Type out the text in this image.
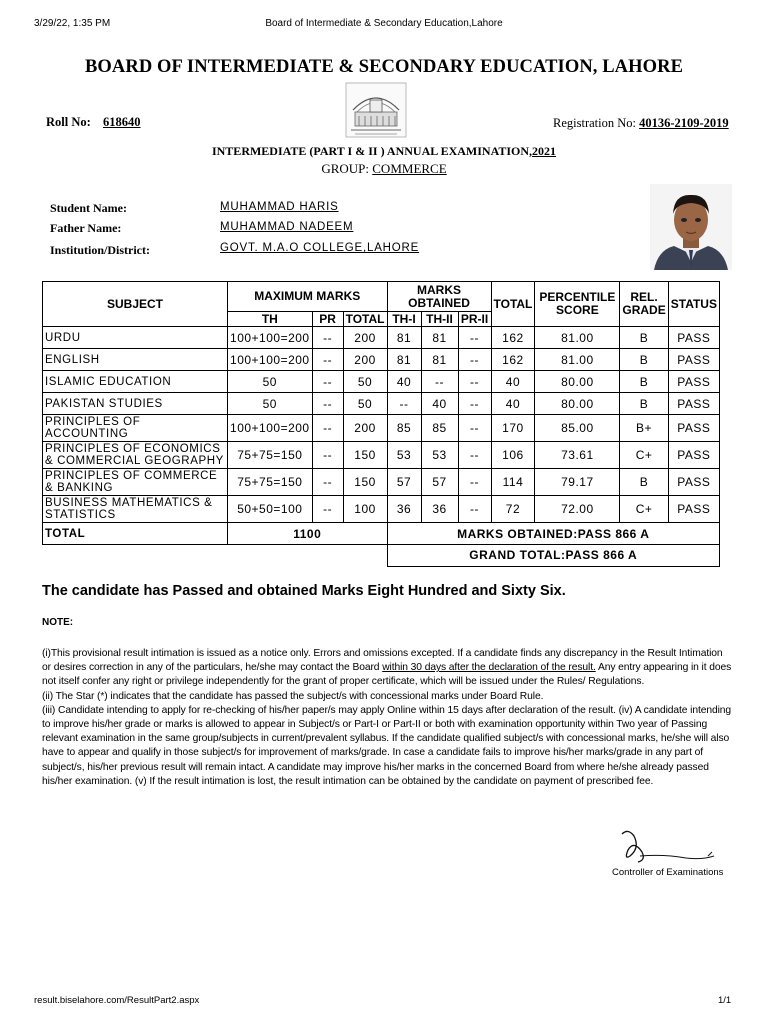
3/29/22, 1:35 PM	Board of Intermediate & Secondary Education,Lahore
BOARD OF INTERMEDIATE & SECONDARY EDUCATION, LAHORE
Roll No: 618640	Registration No: 40136-2109-2019
INTERMEDIATE (PART I & II ) ANNUAL EXAMINATION,2021
GROUP: COMMERCE
Student Name:	MUHAMMAD HARIS
Father Name:	MUHAMMAD NADEEM
Institution/District:	GOVT. M.A.O COLLEGE,LAHORE
SUBJECT	MAXIMUM MARKS			MARKS OBTAINED			TOTAL	PERCENTILE SCORE	REL. GRADE	STATUS
	TH	PR	TOTAL	TH-I	TH-II	PR-II				
URDU	100+100=200	--	200	81	81	--	162	81.00	B	PASS
ENGLISH	100+100=200	--	200	81	81	--	162	81.00	B	PASS
ISLAMIC EDUCATION	50	--	50	40	--	--	40	80.00	B	PASS
PAKISTAN STUDIES	50	--	50	--	40	--	40	80.00	B	PASS
PRINCIPLES OF ACCOUNTING	100+100=200	--	200	85	85	--	170	85.00	B+	PASS
PRINCIPLES OF ECONOMICS & COMMERCIAL GEOGRAPHY	75+75=150	--	150	53	53	--	106	73.61	C+	PASS
PRINCIPLES OF COMMERCE & BANKING	75+75=150	--	150	57	57	--	114	79.17	B	PASS
BUSINESS MATHEMATICS & STATISTICS	50+50=100	--	100	36	36	--	72	72.00	C+	PASS
TOTAL	1100			MARKS OBTAINED:PASS 866 A						
				GRAND TOTAL:PASS 866 A						
The candidate has Passed and obtained Marks Eight Hundred and Sixty Six.
NOTE:

(i)This provisional result intimation is issued as a notice only. Errors and omissions excepted. If a candidate finds any discrepancy in the Result Intimation or desires correction in any of the particulars, he/she may contact the Board within 30 days after the declaration of the result. Any entry appearing in it does not itself confer any right or privilege independently for the grant of proper certificate, which will be issued under the Rules/ Regulations.

(ii) The Star (*) indicates that the candidate has passed the subject/s with concessional marks under Board Rule.

(iii) Candidate intending to apply for re-checking of his/her paper/s may apply Online within 15 days after declaration of the result. (iv) A candidate intending to improve his/her grade or marks is allowed to appear in Subject/s or Part-I or Part-II or both with examination opportunity within Two year of Passing relevant examination in the same group/subjects in current/prevalent syllabus. If the candidate qualified subject/s with concessional marks, he/she will also have to appear and qualify in those subject/s for improvement of marks/grade. In case a candidate fails to improve his/her marks/grade in any part of subject/s, his/her previous result will remain intact. A candidate may improve his/her marks in the concerned Board from where he/she already passed his/her examination. (v) If the result intimation is lost, the result intimation can be obtained by the candidate on payment of prescribed fee.

Controller of Examinations
result.biselahore.com/ResultPart2.aspx	1/1
